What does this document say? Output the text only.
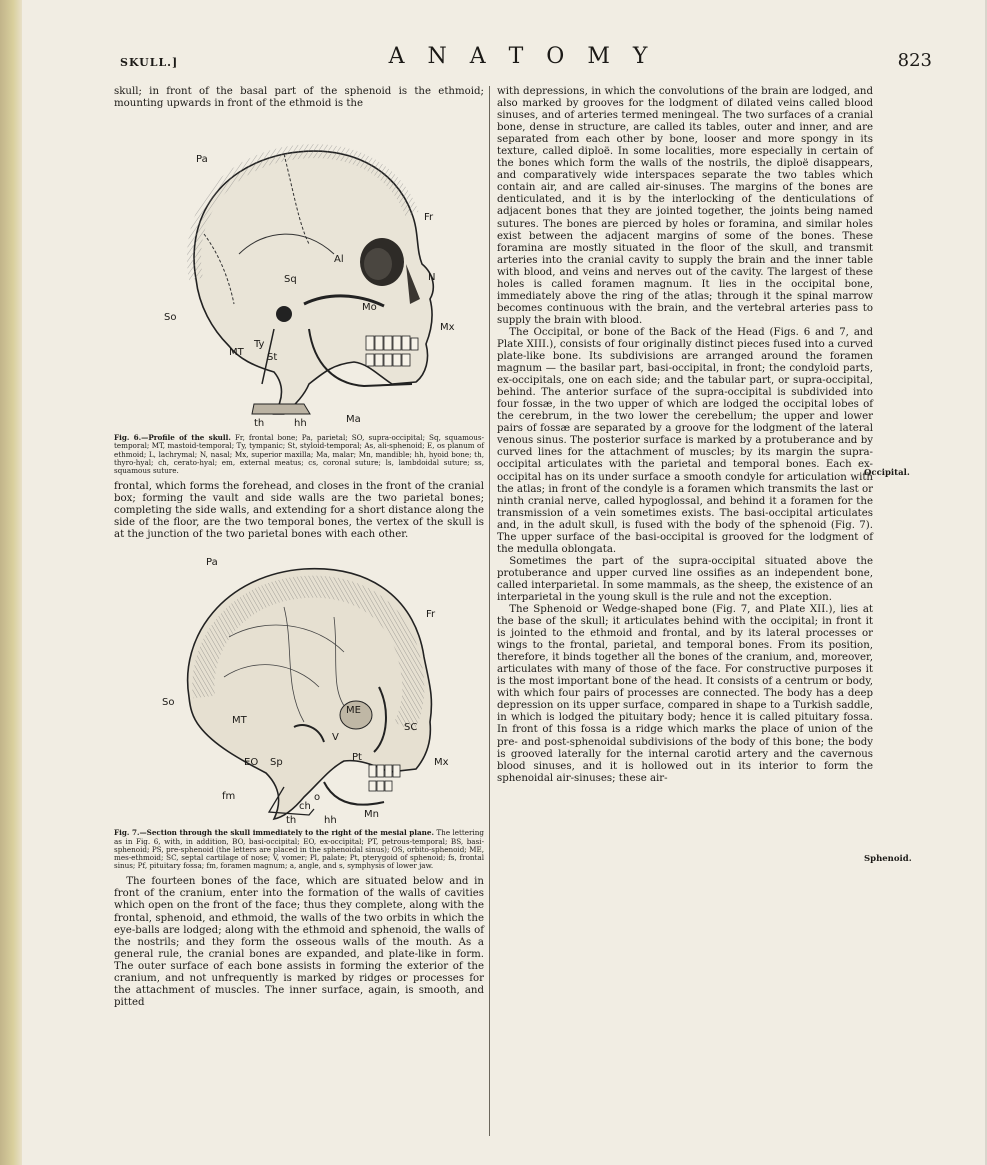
SKULL.]	A N A T O M Y	823

skull; in front of the basal part of the sphenoid is the ethmoid; mounting upwards in front of the ethmoid is the

Pa
Fr
Sq
Al
N
So
Mo
Mx
MT
Ty
St
th	hh	Ma
Fig. 6.—Profile of the skull. Fr, frontal bone; Pa, parietal; SO, supra-occipital; Sq, squamous-temporal; MT, mastoid-temporal; Ty, tympanic; St, styloid-temporal; As, ali-sphenoid; E, os planum of ethmoid; L, lachrymal; N, nasal; Mx, superior maxilla; Ma, malar; Mn, mandible; hh, hyoid bone; th, thyro-hyal; ch, cerato-hyal; em, external meatus; cs, coronal suture; ls, lambdoidal suture; ss, squamous suture.

frontal, which forms the forehead, and closes in the front of the cranial box; forming the vault and side walls are the two parietal bones; completing the side walls, and extending for a short distance along the side of the floor, are the two temporal bones, the vertex of the skull is at the junction of the two parietal bones with each other.

Pa
Fr
So
ME
MT
SC
V
EO Sp	Mx
fm	o
th	hh
Mn
ch
Pt
Fig. 7.—Section through the skull immediately to the right of the mesial plane. The lettering as in Fig. 6, with, in addition, BO, basi-occipital; EO, ex-occipital; PT, petrous-temporal; BS, basi-sphenoid; PS, pre-sphenoid (the letters are placed in the sphenoidal sinus); OS, orbito-sphenoid; ME, mes-ethmoid; SC, septal cartilage of nose; V, vomer; Pl, palate; Pt, pterygoid of sphenoid; fs, frontal sinus; Pf, pituitary fossa; fm, foramen magnum; a, angle, and s, symphysis of lower jaw.

The fourteen bones of the face, which are situated below and in front of the cranium, enter into the formation of the walls of cavities which open on the front of the face; thus they complete, along with the frontal, sphenoid, and ethmoid, the walls of the two orbits in which the eye-balls are lodged; along with the ethmoid and sphenoid, the walls of the nostrils; and they form the osseous walls of the mouth. As a general rule, the cranial bones are expanded, and plate-like in form. The outer surface of each bone assists in forming the exterior of the cranium, and not unfrequently is marked by ridges or processes for the attachment of muscles. The inner surface, again, is smooth, and pitted

with depressions, in which the convolutions of the brain are lodged, and also marked by grooves for the lodgment of dilated veins called blood sinuses, and of arteries termed meningeal. The two surfaces of a cranial bone, dense in structure, are called its tables, outer and inner, and are separated from each other by bone, looser and more spongy in its texture, called diploë. In some localities, more especially in certain of the bones which form the walls of the nostrils, the diploë disappears, and comparatively wide interspaces separate the two tables which contain air, and are called air-sinuses. The margins of the bones are denticulated, and it is by the interlocking of the denticulations of adjacent bones that they are jointed together, the joints being named sutures. The bones are pierced by holes or foramina, and similar holes exist between the adjacent margins of some of the bones. These foramina are mostly situated in the floor of the skull, and transmit arteries into the cranial cavity to supply the brain and the inner table with blood, and veins and nerves out of the cavity. The largest of these holes is called foramen magnum. It lies in the occipital bone, immediately above the ring of the atlas; through it the spinal marrow becomes continuous with the brain, and the vertebral arteries pass to supply the brain with blood.

The Occipital, or bone of the Back of the Head (Figs. 6 and 7, and Plate XIII.), consists of four originally distinct pieces fused into a curved plate-like bone. Its subdivisions are arranged around the foramen magnum — the basilar part, basi-occipital, in front; the condyloid parts, ex-occipitals, one on each side; and the tabular part, or supra-occipital, behind. The anterior surface of the supra-occipital is subdivided into four fossæ, in the two upper of which are lodged the occipital lobes of the cerebrum, in the two lower the cerebellum; the upper and lower pairs of fossæ are separated by a groove for the lodgment of the lateral venous sinus. The posterior surface is marked by a protuberance and by curved lines for the attachment of muscles; by its margin the supra-occipital articulates with the parietal and temporal bones. Each ex-occipital has on its under surface a smooth condyle for articulation with the atlas; in front of the condyle is a foramen which transmits the last or ninth cranial nerve, called hypoglossal, and behind it a foramen for the transmission of a vein sometimes exists. The basi-occipital articulates and, in the adult skull, is fused with the body of the sphenoid (Fig. 7). The upper surface of the basi-occipital is grooved for the lodgment of the medulla oblongata.

Sometimes the part of the supra-occipital situated above the protuberance and upper curved line ossifies as an independent bone, called interparietal. In some mammals, as the sheep, the existence of an interparietal in the young skull is the rule and not the exception.

The Sphenoid or Wedge-shaped bone (Fig. 7, and Plate XII.), lies at the base of the skull; it articulates behind with the occipital; in front it is jointed to the ethmoid and frontal, and by its lateral processes or wings to the frontal, parietal, and temporal bones. From its position, therefore, it binds together all the bones of the cranium, and, moreover, articulates with many of those of the face. For constructive purposes it is the most important bone of the head. It consists of a centrum or body, with which four pairs of processes are connected. The body has a deep depression on its upper surface, compared in shape to a Turkish saddle, in which is lodged the pituitary body; hence it is called pituitary fossa. In front of this fossa is a ridge which marks the place of union of the pre- and post-sphenoidal subdivisions of the body of this bone; the body is grooved laterally for the internal carotid artery and the cavernous blood sinuses, and it is hollowed out in its interior to form the sphenoidal air-sinuses; these air-

Occipital.
Sphenoid.
